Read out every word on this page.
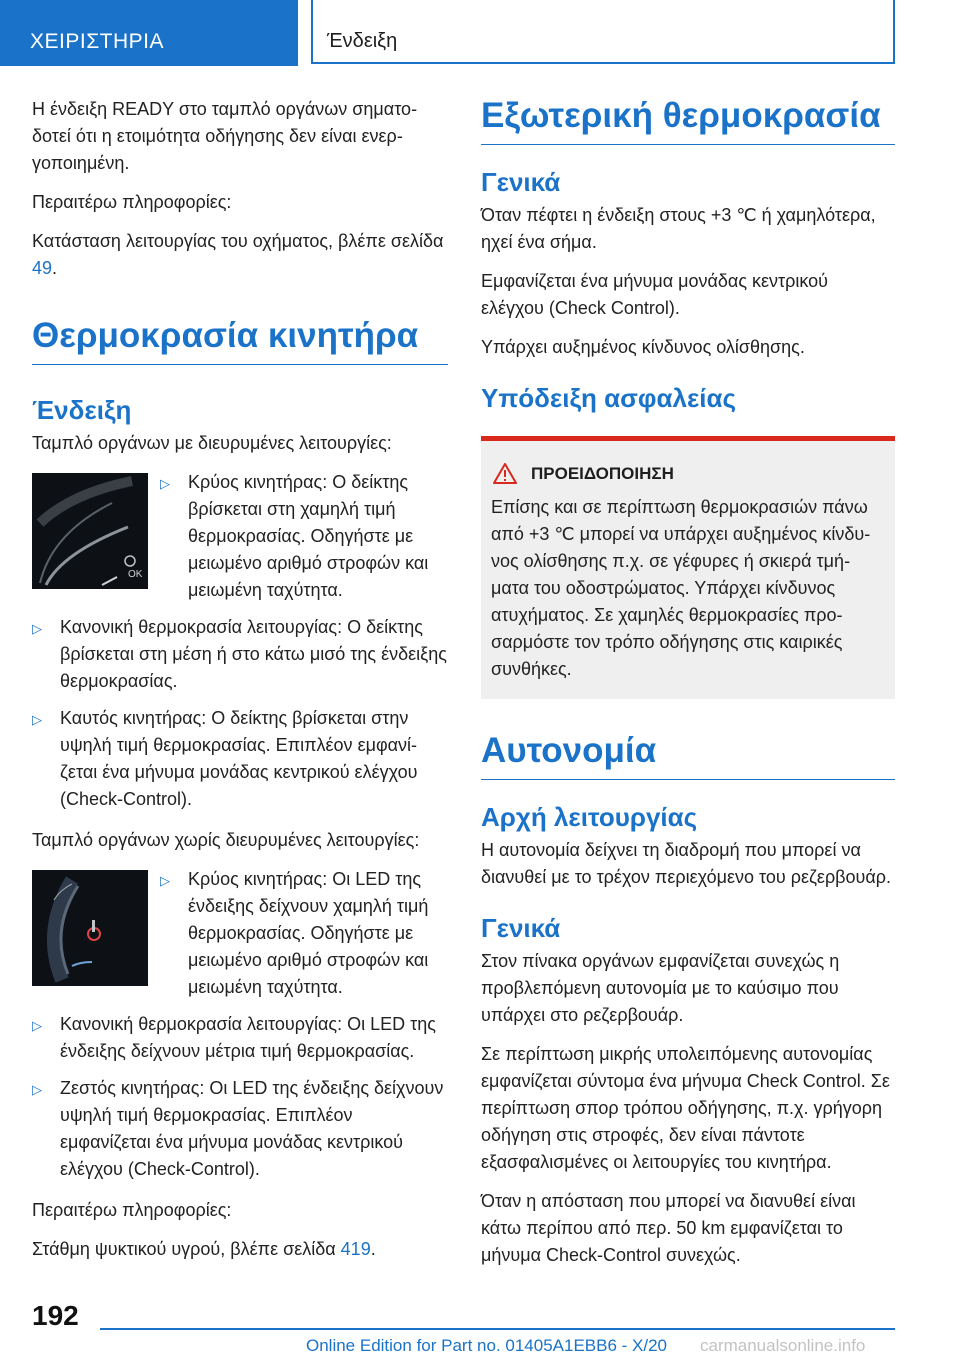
ΧΕΙΡΙΣΤΗΡΙΑ	Ένδειξη

Η ένδειξη READY στο ταμπλό οργάνων σηματοδοτεί ότι η ετοιμότητα οδήγησης δεν είναι ενεργοποιημένη.

Περαιτέρω πληροφορίες:

Κατάσταση λειτουργίας του οχήματος, βλέπε σελίδα 49.

Θερμοκρασία κινητήρα
Ένδειξη

Ταμπλό οργάνων με διευρυμένες λειτουργίες:

OK
▷	Κρύος κινητήρας: Ο δείκτης βρίσκεται στη χαμηλή τιμή θερμοκρασίας. Οδηγήστε με μειωμένο αριθμό στροφών και μειωμένη ταχύτητα.
▷	Κανονική θερμοκρασία λειτουργίας: Ο δείκτης βρίσκεται στη μέση ή στο κάτω μισό της ένδειξης θερμοκρασίας.
▷	Καυτός κινητήρας: Ο δείκτης βρίσκεται στην υψηλή τιμή θερμοκρασίας. Επιπλέον εμφανίζεται ένα μήνυμα μονάδας κεντρικού ελέγχου (Check-Control).

Ταμπλό οργάνων χωρίς διευρυμένες λειτουργίες:

▷	Κρύος κινητήρας: Οι LED της ένδειξης δείχνουν χαμηλή τιμή θερμοκρασίας. Οδηγήστε με μειωμένο αριθμό στροφών και μειωμένη ταχύτητα.
▷	Κανονική θερμοκρασία λειτουργίας: Οι LED της ένδειξης δείχνουν μέτρια τιμή θερμοκρασίας.
▷	Ζεστός κινητήρας: Οι LED της ένδειξης δείχνουν υψηλή τιμή θερμοκρασίας. Επιπλέον εμφανίζεται ένα μήνυμα μονάδας κεντρικού ελέγχου (Check-Control).

Περαιτέρω πληροφορίες:

Στάθμη ψυκτικού υγρού, βλέπε σελίδα 419.

Εξωτερική θερμοκρασία
Γενικά

Όταν πέφτει η ένδειξη στους +3 ℃ ή χαμηλότερα, ηχεί ένα σήμα.

Εμφανίζεται ένα μήνυμα μονάδας κεντρικού ελέγχου (Check Control).

Υπάρχει αυξημένος κίνδυνος ολίσθησης.

Υπόδειξη ασφαλείας
ΠΡΟΕΙΔΟΠΟΙΗΣΗ

Επίσης και σε περίπτωση θερμοκρασιών πάνω από +3 ℃ μπορεί να υπάρχει αυξημένος κίνδυνος ολίσθησης π.χ. σε γέφυρες ή σκιερά τμήματα του οδοστρώματος. Υπάρχει κίνδυνος ατυχήματος. Σε χαμηλές θερμοκρασίες προσαρμόστε τον τρόπο οδήγησης στις καιρικές συνθήκες.

Αυτονομία
Αρχή λειτουργίας

Η αυτονομία δείχνει τη διαδρομή που μπορεί να διανυθεί με το τρέχον περιεχόμενο του ρεζερβουάρ.

Γενικά

Στον πίνακα οργάνων εμφανίζεται συνεχώς η προβλεπόμενη αυτονομία με το καύσιμο που υπάρχει στο ρεζερβουάρ.

Σε περίπτωση μικρής υπολειπόμενης αυτονομίας εμφανίζεται σύντομα ένα μήνυμα Check Control. Σε περίπτωση σπορ τρόπου οδήγησης, π.χ. γρήγορη οδήγηση στις στροφές, δεν είναι πάντοτε εξασφαλισμένες οι λειτουργίες του κινητήρα.

Όταν η απόσταση που μπορεί να διανυθεί είναι κάτω περίπου από περ. 50 km εμφανίζεται το μήνυμα Check-Control συνεχώς.

192
Online Edition for Part no. 01405A1EBB6 - X/20 carmanualsonline.info
